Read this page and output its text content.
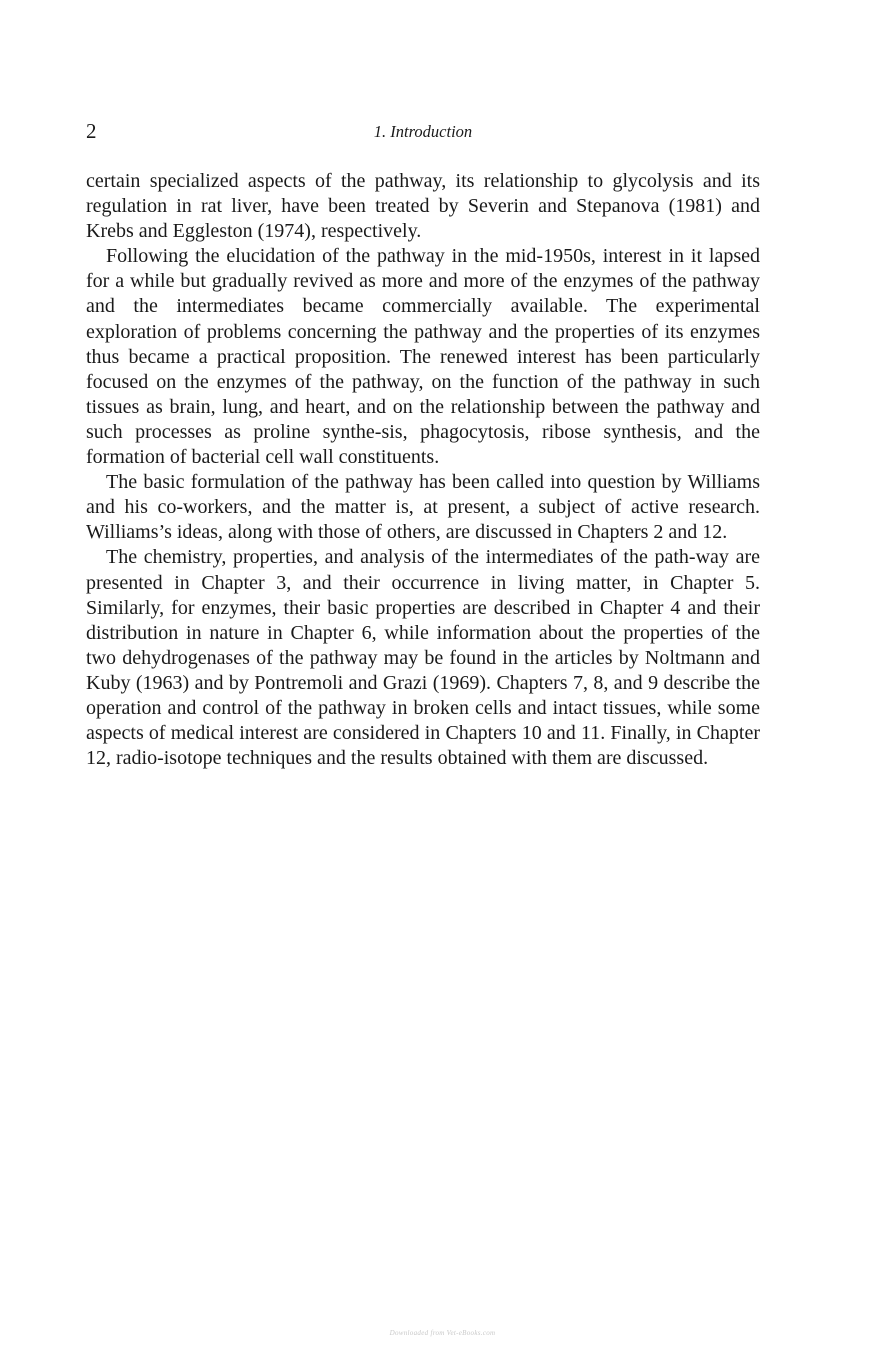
2	1. Introduction

certain specialized aspects of the pathway, its relationship to glycolysis and its regulation in rat liver, have been treated by Severin and Stepanova (1981) and Krebs and Eggleston (1974), respectively.

Following the elucidation of the pathway in the mid-1950s, interest in it lapsed for a while but gradually revived as more and more of the enzymes of the pathway and the intermediates became commercially available. The experimental exploration of problems concerning the pathway and the properties of its enzymes thus became a practical proposition. The renewed interest has been particularly focused on the enzymes of the pathway, on the function of the pathway in such tissues as brain, lung, and heart, and on the relationship between the pathway and such processes as proline synthe-sis, phagocytosis, ribose synthesis, and the formation of bacterial cell wall constituents.

The basic formulation of the pathway has been called into question by Williams and his co-workers, and the matter is, at present, a subject of active research. Williams’s ideas, along with those of others, are discussed in Chapters 2 and 12.

The chemistry, properties, and analysis of the intermediates of the path-way are presented in Chapter 3, and their occurrence in living matter, in Chapter 5. Similarly, for enzymes, their basic properties are described in Chapter 4 and their distribution in nature in Chapter 6, while information about the properties of the two dehydrogenases of the pathway may be found in the articles by Noltmann and Kuby (1963) and by Pontremoli and Grazi (1969). Chapters 7, 8, and 9 describe the operation and control of the pathway in broken cells and intact tissues, while some aspects of medical interest are considered in Chapters 10 and 11. Finally, in Chapter 12, radio-isotope techniques and the results obtained with them are discussed.

Downloaded from Vet-eBooks.com
